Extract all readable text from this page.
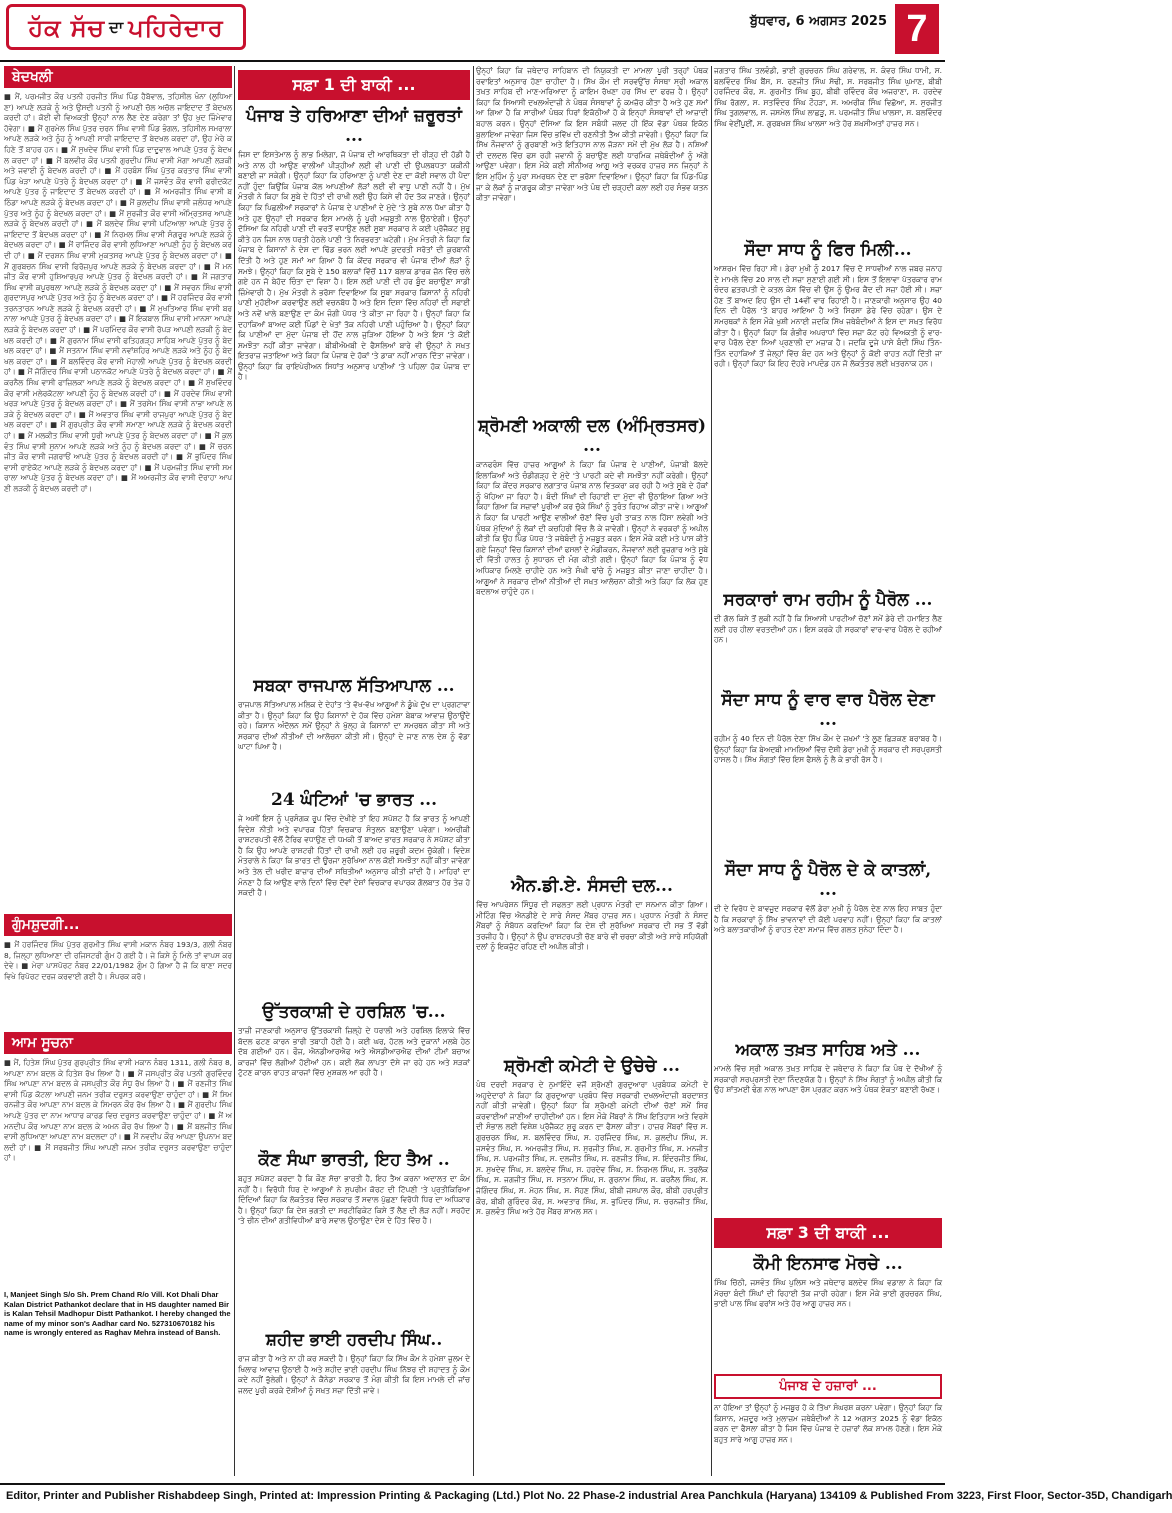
ਹੱਕ ਸੱਚ ਦਾ ਪਹਿਰੇਦਾਰ	ਬੁੱਧਵਾਰ, 6 ਅਗਸਤ 2025 7
ਬੇਦਖਲੀ
■ ਮੈਂ, ਪਰਮਜੀਤ ਕੌਰ ਪਤਨੀ ਹਰਜੀਤ ਸਿੰਘ ਪਿੰਡ ਹੈਬੋਵਾਲ, ਤਹਿਸੀਲ ਖੰਨਾ (ਲੁਧਿਆਣਾ) ਆਪਣੇ ਲੜਕੇ ਨੂੰ ਅਤੇ ਉਸਦੀ ਪਤਨੀ ਨੂੰ ਆਪਣੀ ਚੱਲ ਅਚੱਲ ਜਾਇਦਾਦ ਤੋਂ ਬੇਦਖਲ ਕਰਦੀ ਹਾਂ। ਕੋਈ ਵੀ ਵਿਅਕਤੀ ਉਨ੍ਹਾਂ ਨਾਲ ਲੈਣ ਦੇਣ ਕਰੇਗਾ ਤਾਂ ਉਹ ਖੁਦ ਜ਼ਿੰਮੇਵਾਰ ਹੋਵੇਗਾ। ■ ਮੈਂ ਗੁਰਮੇਲ ਸਿੰਘ ਪੁੱਤਰ ਚਰਨ ਸਿੰਘ ਵਾਸੀ ਪਿੰਡ ਭੰਗਲ, ਤਹਿਸੀਲ ਸਮਰਾਲਾ ਆਪਣੇ ਲੜਕੇ ਅਤੇ ਨੂੰਹ ਨੂੰ ਆਪਣੀ ਸਾਰੀ ਜਾਇਦਾਦ ਤੋਂ ਬੇਦਖਲ ਕਰਦਾ ਹਾਂ, ਉਹ ਮੇਰੇ ਕਹਿਣੇ ਤੋਂ ਬਾਹਰ ਹਨ। ■ ਮੈਂ ਸੁਖਦੇਵ ਸਿੰਘ ਵਾਸੀ ਪਿੰਡ ਦਾਦੂਵਾਲ ਆਪਣੇ ਪੁੱਤਰ ਨੂੰ ਬੇਦਖਲ ਕਰਦਾ ਹਾਂ। ■ ਮੈਂ ਬਲਵੀਰ ਕੌਰ ਪਤਨੀ ਗੁਰਦੀਪ ਸਿੰਘ ਵਾਸੀ ਮੋਗਾ ਆਪਣੀ ਲੜਕੀ ਅਤੇ ਜਵਾਈ ਨੂੰ ਬੇਦਖਲ ਕਰਦੀ ਹਾਂ। ■ ਮੈਂ ਹਰਬੰਸ ਸਿੰਘ ਪੁੱਤਰ ਕਰਤਾਰ ਸਿੰਘ ਵਾਸੀ ਪਿੰਡ ਖੇੜਾ ਆਪਣੇ ਪੋਤਰੇ ਨੂੰ ਬੇਦਖਲ ਕਰਦਾ ਹਾਂ। ■ ਮੈਂ ਜਸਵੰਤ ਕੌਰ ਵਾਸੀ ਫਰੀਦਕੋਟ ਆਪਣੇ ਪੁੱਤਰ ਨੂੰ ਜਾਇਦਾਦ ਤੋਂ ਬੇਦਖਲ ਕਰਦੀ ਹਾਂ। ■ ਮੈਂ ਅਮਰਜੀਤ ਸਿੰਘ ਵਾਸੀ ਬਠਿੰਡਾ ਆਪਣੇ ਲੜਕੇ ਨੂੰ ਬੇਦਖਲ ਕਰਦਾ ਹਾਂ। ■ ਮੈਂ ਕੁਲਦੀਪ ਸਿੰਘ ਵਾਸੀ ਜਲੰਧਰ ਆਪਣੇ ਪੁੱਤਰ ਅਤੇ ਨੂੰਹ ਨੂੰ ਬੇਦਖਲ ਕਰਦਾ ਹਾਂ। ■ ਮੈਂ ਸੁਰਜੀਤ ਕੌਰ ਵਾਸੀ ਅੰਮ੍ਰਿਤਸਰ ਆਪਣੇ ਲੜਕੇ ਨੂੰ ਬੇਦਖਲ ਕਰਦੀ ਹਾਂ। ■ ਮੈਂ ਬਲਦੇਵ ਸਿੰਘ ਵਾਸੀ ਪਟਿਆਲਾ ਆਪਣੇ ਪੁੱਤਰ ਨੂੰ ਜਾਇਦਾਦ ਤੋਂ ਬੇਦਖਲ ਕਰਦਾ ਹਾਂ। ■ ਮੈਂ ਨਿਰਮਲ ਸਿੰਘ ਵਾਸੀ ਸੰਗਰੂਰ ਆਪਣੇ ਲੜਕੇ ਨੂੰ ਬੇਦਖਲ ਕਰਦਾ ਹਾਂ। ■ ਮੈਂ ਰਾਜਿੰਦਰ ਕੌਰ ਵਾਸੀ ਲੁਧਿਆਣਾ ਆਪਣੀ ਨੂੰਹ ਨੂੰ ਬੇਦਖਲ ਕਰਦੀ ਹਾਂ। ■ ਮੈਂ ਦਰਸ਼ਨ ਸਿੰਘ ਵਾਸੀ ਮੁਕਤਸਰ ਆਪਣੇ ਪੁੱਤਰ ਨੂੰ ਬੇਦਖਲ ਕਰਦਾ ਹਾਂ। ■ ਮੈਂ ਗੁਰਬਚਨ ਸਿੰਘ ਵਾਸੀ ਫਿਰੋਜ਼ਪੁਰ ਆਪਣੇ ਲੜਕੇ ਨੂੰ ਬੇਦਖਲ ਕਰਦਾ ਹਾਂ। ■ ਮੈਂ ਮਨਜੀਤ ਕੌਰ ਵਾਸੀ ਹੁਸ਼ਿਆਰਪੁਰ ਆਪਣੇ ਪੁੱਤਰ ਨੂੰ ਬੇਦਖਲ ਕਰਦੀ ਹਾਂ। ■ ਮੈਂ ਜਗਤਾਰ ਸਿੰਘ ਵਾਸੀ ਕਪੂਰਥਲਾ ਆਪਣੇ ਲੜਕੇ ਨੂੰ ਬੇਦਖਲ ਕਰਦਾ ਹਾਂ। ■ ਮੈਂ ਸਵਰਨ ਸਿੰਘ ਵਾਸੀ ਗੁਰਦਾਸਪੁਰ ਆਪਣੇ ਪੁੱਤਰ ਅਤੇ ਨੂੰਹ ਨੂੰ ਬੇਦਖਲ ਕਰਦਾ ਹਾਂ। ■ ਮੈਂ ਹਰਜਿੰਦਰ ਕੌਰ ਵਾਸੀ ਤਰਨਤਾਰਨ ਆਪਣੇ ਲੜਕੇ ਨੂੰ ਬੇਦਖਲ ਕਰਦੀ ਹਾਂ। ■ ਮੈਂ ਮੁਖਤਿਆਰ ਸਿੰਘ ਵਾਸੀ ਬਰਨਾਲਾ ਆਪਣੇ ਪੁੱਤਰ ਨੂੰ ਬੇਦਖਲ ਕਰਦਾ ਹਾਂ। ■ ਮੈਂ ਇਕਬਾਲ ਸਿੰਘ ਵਾਸੀ ਮਾਨਸਾ ਆਪਣੇ ਲੜਕੇ ਨੂੰ ਬੇਦਖਲ ਕਰਦਾ ਹਾਂ। ■ ਮੈਂ ਪਰਮਿੰਦਰ ਕੌਰ ਵਾਸੀ ਰੋਪੜ ਆਪਣੀ ਲੜਕੀ ਨੂੰ ਬੇਦਖਲ ਕਰਦੀ ਹਾਂ। ■ ਮੈਂ ਗੁਰਨਾਮ ਸਿੰਘ ਵਾਸੀ ਫਤਿਹਗੜ੍ਹ ਸਾਹਿਬ ਆਪਣੇ ਪੁੱਤਰ ਨੂੰ ਬੇਦਖਲ ਕਰਦਾ ਹਾਂ। ■ ਮੈਂ ਸਤਨਾਮ ਸਿੰਘ ਵਾਸੀ ਨਵਾਂਸ਼ਹਿਰ ਆਪਣੇ ਲੜਕੇ ਅਤੇ ਨੂੰਹ ਨੂੰ ਬੇਦਖਲ ਕਰਦਾ ਹਾਂ। ■ ਮੈਂ ਬਲਵਿੰਦਰ ਕੌਰ ਵਾਸੀ ਮੋਹਾਲੀ ਆਪਣੇ ਪੁੱਤਰ ਨੂੰ ਬੇਦਖਲ ਕਰਦੀ ਹਾਂ। ■ ਮੈਂ ਜੋਗਿੰਦਰ ਸਿੰਘ ਵਾਸੀ ਪਠਾਨਕੋਟ ਆਪਣੇ ਪੋਤਰੇ ਨੂੰ ਬੇਦਖਲ ਕਰਦਾ ਹਾਂ। ■ ਮੈਂ ਕਰਨੈਲ ਸਿੰਘ ਵਾਸੀ ਫਾਜ਼ਿਲਕਾ ਆਪਣੇ ਲੜਕੇ ਨੂੰ ਬੇਦਖਲ ਕਰਦਾ ਹਾਂ। ■ ਮੈਂ ਸੁਖਵਿੰਦਰ ਕੌਰ ਵਾਸੀ ਮਲੇਰਕੋਟਲਾ ਆਪਣੀ ਨੂੰਹ ਨੂੰ ਬੇਦਖਲ ਕਰਦੀ ਹਾਂ। ■ ਮੈਂ ਹਰਦੇਵ ਸਿੰਘ ਵਾਸੀ ਖਰੜ ਆਪਣੇ ਪੁੱਤਰ ਨੂੰ ਬੇਦਖਲ ਕਰਦਾ ਹਾਂ। ■ ਮੈਂ ਤਰਸੇਮ ਸਿੰਘ ਵਾਸੀ ਨਾਭਾ ਆਪਣੇ ਲੜਕੇ ਨੂੰ ਬੇਦਖਲ ਕਰਦਾ ਹਾਂ। ■ ਮੈਂ ਅਵਤਾਰ ਸਿੰਘ ਵਾਸੀ ਰਾਜਪੁਰਾ ਆਪਣੇ ਪੁੱਤਰ ਨੂੰ ਬੇਦਖਲ ਕਰਦਾ ਹਾਂ। ■ ਮੈਂ ਗੁਰਪ੍ਰੀਤ ਕੌਰ ਵਾਸੀ ਸਮਾਣਾ ਆਪਣੇ ਲੜਕੇ ਨੂੰ ਬੇਦਖਲ ਕਰਦੀ ਹਾਂ। ■ ਮੈਂ ਮਲਕੀਤ ਸਿੰਘ ਵਾਸੀ ਧੂਰੀ ਆਪਣੇ ਪੁੱਤਰ ਨੂੰ ਬੇਦਖਲ ਕਰਦਾ ਹਾਂ। ■ ਮੈਂ ਕੁਲਵੰਤ ਸਿੰਘ ਵਾਸੀ ਸੁਨਾਮ ਆਪਣੇ ਲੜਕੇ ਅਤੇ ਨੂੰਹ ਨੂੰ ਬੇਦਖਲ ਕਰਦਾ ਹਾਂ। ■ ਮੈਂ ਚਰਨਜੀਤ ਕੌਰ ਵਾਸੀ ਜਗਰਾਓਂ ਆਪਣੇ ਪੁੱਤਰ ਨੂੰ ਬੇਦਖਲ ਕਰਦੀ ਹਾਂ। ■ ਮੈਂ ਭੁਪਿੰਦਰ ਸਿੰਘ ਵਾਸੀ ਰਾਏਕੋਟ ਆਪਣੇ ਲੜਕੇ ਨੂੰ ਬੇਦਖਲ ਕਰਦਾ ਹਾਂ। ■ ਮੈਂ ਪਰਮਜੀਤ ਸਿੰਘ ਵਾਸੀ ਸਮਰਾਲਾ ਆਪਣੇ ਪੁੱਤਰ ਨੂੰ ਬੇਦਖਲ ਕਰਦਾ ਹਾਂ। ■ ਮੈਂ ਅਮਰਜੀਤ ਕੌਰ ਵਾਸੀ ਦੋਰਾਹਾ ਆਪਣੀ ਲੜਕੀ ਨੂੰ ਬੇਦਖਲ ਕਰਦੀ ਹਾਂ।
ਗੁੰਮਸ਼ੁਦਗੀ...
■ ਮੈਂ ਹਰਜਿੰਦਰ ਸਿੰਘ ਪੁੱਤਰ ਗੁਰਮੀਤ ਸਿੰਘ ਵਾਸੀ ਮਕਾਨ ਨੰਬਰ 193/3, ਗਲੀ ਨੰਬਰ 8, ਜਿਲ੍ਹਾ ਲੁਧਿਆਣਾ ਦੀ ਰਜਿਸਟਰੀ ਗੁੰਮ ਹੋ ਗਈ ਹੈ। ਜੇ ਕਿਸੇ ਨੂੰ ਮਿਲੇ ਤਾਂ ਵਾਪਸ ਕਰ ਦੇਵੇ। ■ ਮੇਰਾ ਪਾਸਪੋਰਟ ਨੰਬਰ 22/01/1982 ਗੁੰਮ ਹੋ ਗਿਆ ਹੈ ਜੋ ਕਿ ਥਾਣਾ ਸਦਰ ਵਿਖੇ ਰਿਪੋਰਟ ਦਰਜ ਕਰਵਾਈ ਗਈ ਹੈ। ਸੰਪਰਕ ਕਰੋ।
ਆਮ ਸੂਚਨਾ
■ ਮੈਂ, ਹਿਤੇਸ਼ ਸਿੰਘ ਪੁੱਤਰ ਗੁਰਪ੍ਰੀਤ ਸਿੰਘ ਵਾਸੀ ਮਕਾਨ ਨੰਬਰ 1311, ਗਲੀ ਨੰਬਰ 8, ਆਪਣਾ ਨਾਮ ਬਦਲ ਕੇ ਹਿਤੇਸ਼ ਰੱਖ ਲਿਆ ਹੈ। ■ ਮੈਂ ਜਸਪ੍ਰੀਤ ਕੌਰ ਪਤਨੀ ਗੁਰਵਿੰਦਰ ਸਿੰਘ ਆਪਣਾ ਨਾਮ ਬਦਲ ਕੇ ਜਸਪ੍ਰੀਤ ਕੌਰ ਸੰਧੂ ਰੱਖ ਲਿਆ ਹੈ। ■ ਮੈਂ ਰਣਜੀਤ ਸਿੰਘ ਵਾਸੀ ਪਿੰਡ ਕੋਟਲਾ ਆਪਣੀ ਜਨਮ ਤਰੀਕ ਦਰੁਸਤ ਕਰਵਾਉਣਾ ਚਾਹੁੰਦਾ ਹਾਂ। ■ ਮੈਂ ਸਿਮਰਨਜੀਤ ਕੌਰ ਆਪਣਾ ਨਾਮ ਬਦਲ ਕੇ ਸਿਮਰਨ ਕੌਰ ਰੱਖ ਲਿਆ ਹੈ। ■ ਮੈਂ ਗੁਰਦੀਪ ਸਿੰਘ ਆਪਣੇ ਪੁੱਤਰ ਦਾ ਨਾਮ ਆਧਾਰ ਕਾਰਡ ਵਿਚ ਦਰੁਸਤ ਕਰਵਾਉਣਾ ਚਾਹੁੰਦਾ ਹਾਂ। ■ ਮੈਂ ਅਮਨਦੀਪ ਕੌਰ ਆਪਣਾ ਨਾਮ ਬਦਲ ਕੇ ਅਮਨ ਕੌਰ ਰੱਖ ਲਿਆ ਹੈ। ■ ਮੈਂ ਬਲਜੀਤ ਸਿੰਘ ਵਾਸੀ ਲੁਧਿਆਣਾ ਆਪਣਾ ਨਾਮ ਬਦਲਦਾ ਹਾਂ। ■ ਮੈਂ ਨਵਦੀਪ ਕੌਰ ਆਪਣਾ ਉਪਨਾਮ ਬਦਲਦੀ ਹਾਂ। ■ ਮੈਂ ਸਰਬਜੀਤ ਸਿੰਘ ਆਪਣੀ ਜਨਮ ਤਰੀਕ ਦਰੁਸਤ ਕਰਵਾਉਣਾ ਚਾਹੁੰਦਾ ਹਾਂ।
I, Manjeet Singh S/o Sh. Prem Chand R/o Vill. Kot Dhali Dhar Kalan District Pathankot declare that in HS daughter named Bir is Kalan Tehsil Madhopur Distt Pathankot. I hereby changed the name of my minor son's Aadhar card No. 527310670182 his name is wrongly entered as Raghav Mehra instead of Bansh.
ਸਫ਼ਾ 1 ਦੀ ਬਾਕੀ ...
ਪੰਜਾਬ ਤੇ ਹਰਿਆਣਾ ਦੀਆਂ ਜ਼ਰੂਰਤਾਂ ...
ਜਿਸ ਦਾ ਇਸਤੇਮਾਲ ਨੂੰ ਲਾਭ ਮਿਲੇਗਾ, ਜੋ ਪੰਜਾਬ ਦੀ ਆਰਥਿਕਤਾ ਦੀ ਰੀੜ੍ਹ ਦੀ ਹੱਡੀ ਹੈ ਅਤੇ ਨਾਲ ਹੀ ਆਉਣ ਵਾਲੀਆਂ ਪੀੜ੍ਹੀਆਂ ਲਈ ਵੀ ਪਾਣੀ ਦੀ ਉਪਲਬਧਤਾ ਯਕੀਨੀ ਬਣਾਈ ਜਾ ਸਕੇਗੀ। ਉਨ੍ਹਾਂ ਕਿਹਾ ਕਿ ਹਰਿਆਣਾ ਨੂੰ ਪਾਣੀ ਦੇਣ ਦਾ ਕੋਈ ਸਵਾਲ ਹੀ ਪੈਦਾ ਨਹੀਂ ਹੁੰਦਾ ਕਿਉਂਕਿ ਪੰਜਾਬ ਕੋਲ ਆਪਣੀਆਂ ਲੋੜਾਂ ਲਈ ਵੀ ਵਾਧੂ ਪਾਣੀ ਨਹੀਂ ਹੈ। ਮੁੱਖ ਮੰਤਰੀ ਨੇ ਕਿਹਾ ਕਿ ਸੂਬੇ ਦੇ ਹਿੱਤਾਂ ਦੀ ਰਾਖੀ ਲਈ ਉਹ ਕਿਸੇ ਵੀ ਹੱਦ ਤੱਕ ਜਾਣਗੇ। ਉਨ੍ਹਾਂ ਕਿਹਾ ਕਿ ਪਿਛਲੀਆਂ ਸਰਕਾਰਾਂ ਨੇ ਪੰਜਾਬ ਦੇ ਪਾਣੀਆਂ ਦੇ ਮੁੱਦੇ 'ਤੇ ਸੂਬੇ ਨਾਲ ਧੋਖਾ ਕੀਤਾ ਹੈ ਅਤੇ ਹੁਣ ਉਨ੍ਹਾਂ ਦੀ ਸਰਕਾਰ ਇਸ ਮਾਮਲੇ ਨੂੰ ਪੂਰੀ ਮਜ਼ਬੂਤੀ ਨਾਲ ਉਠਾਏਗੀ। ਉਨ੍ਹਾਂ ਦੱਸਿਆ ਕਿ ਨਹਿਰੀ ਪਾਣੀ ਦੀ ਵਰਤੋਂ ਵਧਾਉਣ ਲਈ ਸੂਬਾ ਸਰਕਾਰ ਨੇ ਕਈ ਪ੍ਰੋਜੈਕਟ ਸ਼ੁਰੂ ਕੀਤੇ ਹਨ ਜਿਸ ਨਾਲ ਧਰਤੀ ਹੇਠਲੇ ਪਾਣੀ 'ਤੇ ਨਿਰਭਰਤਾ ਘਟੇਗੀ। ਮੁੱਖ ਮੰਤਰੀ ਨੇ ਕਿਹਾ ਕਿ ਪੰਜਾਬ ਦੇ ਕਿਸਾਨਾਂ ਨੇ ਦੇਸ਼ ਦਾ ਢਿੱਡ ਭਰਨ ਲਈ ਆਪਣੇ ਕੁਦਰਤੀ ਸਰੋਤਾਂ ਦੀ ਕੁਰਬਾਨੀ ਦਿੱਤੀ ਹੈ ਅਤੇ ਹੁਣ ਸਮਾਂ ਆ ਗਿਆ ਹੈ ਕਿ ਕੇਂਦਰ ਸਰਕਾਰ ਵੀ ਪੰਜਾਬ ਦੀਆਂ ਲੋੜਾਂ ਨੂੰ ਸਮਝੇ। ਉਨ੍ਹਾਂ ਕਿਹਾ ਕਿ ਸੂਬੇ ਦੇ 150 ਬਲਾਕਾਂ ਵਿੱਚੋਂ 117 ਬਲਾਕ ਡਾਰਕ ਜ਼ੋਨ ਵਿੱਚ ਚਲੇ ਗਏ ਹਨ ਜੋ ਬੇਹੱਦ ਚਿੰਤਾ ਦਾ ਵਿਸ਼ਾ ਹੈ। ਇਸ ਲਈ ਪਾਣੀ ਦੀ ਹਰ ਬੂੰਦ ਬਚਾਉਣਾ ਸਾਡੀ ਜ਼ਿੰਮੇਵਾਰੀ ਹੈ। ਮੁੱਖ ਮੰਤਰੀ ਨੇ ਭਰੋਸਾ ਦਿਵਾਇਆ ਕਿ ਸੂਬਾ ਸਰਕਾਰ ਕਿਸਾਨਾਂ ਨੂੰ ਨਹਿਰੀ ਪਾਣੀ ਮੁਹੱਈਆ ਕਰਵਾਉਣ ਲਈ ਵਚਨਬੱਧ ਹੈ ਅਤੇ ਇਸ ਦਿਸ਼ਾ ਵਿੱਚ ਨਹਿਰਾਂ ਦੀ ਸਫਾਈ ਅਤੇ ਨਵੇਂ ਖਾਲੇ ਬਣਾਉਣ ਦਾ ਕੰਮ ਜੰਗੀ ਪੱਧਰ 'ਤੇ ਕੀਤਾ ਜਾ ਰਿਹਾ ਹੈ। ਉਨ੍ਹਾਂ ਕਿਹਾ ਕਿ ਦਹਾਕਿਆਂ ਬਾਅਦ ਕਈ ਪਿੰਡਾਂ ਦੇ ਖੇਤਾਂ ਤੱਕ ਨਹਿਰੀ ਪਾਣੀ ਪਹੁੰਚਿਆ ਹੈ। ਉਨ੍ਹਾਂ ਕਿਹਾ ਕਿ ਪਾਣੀਆਂ ਦਾ ਮੁੱਦਾ ਪੰਜਾਬ ਦੀ ਹੋਂਦ ਨਾਲ ਜੁੜਿਆ ਹੋਇਆ ਹੈ ਅਤੇ ਇਸ 'ਤੇ ਕੋਈ ਸਮਝੌਤਾ ਨਹੀਂ ਕੀਤਾ ਜਾਵੇਗਾ। ਬੀਬੀਐਮਬੀ ਦੇ ਫੈਸਲਿਆਂ ਬਾਰੇ ਵੀ ਉਨ੍ਹਾਂ ਨੇ ਸਖ਼ਤ ਇਤਰਾਜ਼ ਜਤਾਇਆ ਅਤੇ ਕਿਹਾ ਕਿ ਪੰਜਾਬ ਦੇ ਹੱਕਾਂ 'ਤੇ ਡਾਕਾ ਨਹੀਂ ਮਾਰਨ ਦਿੱਤਾ ਜਾਵੇਗਾ। ਉਨ੍ਹਾਂ ਕਿਹਾ ਕਿ ਰਾਇਪੇਰੀਅਨ ਸਿਧਾਂਤ ਅਨੁਸਾਰ ਪਾਣੀਆਂ 'ਤੇ ਪਹਿਲਾ ਹੱਕ ਪੰਜਾਬ ਦਾ ਹੈ।
ਸਬਕਾ ਰਾਜਪਾਲ ਸੱਤਿਆਪਾਲ ...
ਰਾਜਪਾਲ ਸੱਤਿਆਪਾਲ ਮਲਿਕ ਦੇ ਦੇਹਾਂਤ 'ਤੇ ਵੱਖ-ਵੱਖ ਆਗੂਆਂ ਨੇ ਡੂੰਘੇ ਦੁੱਖ ਦਾ ਪ੍ਰਗਟਾਵਾ ਕੀਤਾ ਹੈ। ਉਨ੍ਹਾਂ ਕਿਹਾ ਕਿ ਉਹ ਕਿਸਾਨਾਂ ਦੇ ਹੱਕ ਵਿੱਚ ਹਮੇਸ਼ਾ ਬੇਬਾਕ ਆਵਾਜ਼ ਉਠਾਉਂਦੇ ਰਹੇ। ਕਿਸਾਨ ਅੰਦੋਲਨ ਸਮੇਂ ਉਨ੍ਹਾਂ ਨੇ ਖੁੱਲ੍ਹ ਕੇ ਕਿਸਾਨਾਂ ਦਾ ਸਮਰਥਨ ਕੀਤਾ ਸੀ ਅਤੇ ਸਰਕਾਰ ਦੀਆਂ ਨੀਤੀਆਂ ਦੀ ਆਲੋਚਨਾ ਕੀਤੀ ਸੀ। ਉਨ੍ਹਾਂ ਦੇ ਜਾਣ ਨਾਲ ਦੇਸ਼ ਨੂੰ ਵੱਡਾ ਘਾਟਾ ਪਿਆ ਹੈ।
24 ਘੰਟਿਆਂ 'ਚ ਭਾਰਤ ...
ਜੇ ਅਸੀਂ ਇਸ ਨੂੰ ਪ੍ਰਸੰਗਕ ਰੂਪ ਵਿੱਚ ਦੇਖੀਏ ਤਾਂ ਇਹ ਸਪੱਸ਼ਟ ਹੈ ਕਿ ਭਾਰਤ ਨੂੰ ਆਪਣੀ ਵਿਦੇਸ਼ ਨੀਤੀ ਅਤੇ ਵਪਾਰਕ ਹਿੱਤਾਂ ਵਿਚਕਾਰ ਸੰਤੁਲਨ ਬਣਾਉਣਾ ਪਵੇਗਾ। ਅਮਰੀਕੀ ਰਾਸ਼ਟਰਪਤੀ ਵੱਲੋਂ ਟੈਰਿਫ ਵਧਾਉਣ ਦੀ ਧਮਕੀ ਤੋਂ ਬਾਅਦ ਭਾਰਤ ਸਰਕਾਰ ਨੇ ਸਪੱਸ਼ਟ ਕੀਤਾ ਹੈ ਕਿ ਉਹ ਆਪਣੇ ਰਾਸ਼ਟਰੀ ਹਿੱਤਾਂ ਦੀ ਰਾਖੀ ਲਈ ਹਰ ਜ਼ਰੂਰੀ ਕਦਮ ਚੁੱਕੇਗੀ। ਵਿਦੇਸ਼ ਮੰਤਰਾਲੇ ਨੇ ਕਿਹਾ ਕਿ ਭਾਰਤ ਦੀ ਊਰਜਾ ਸੁਰੱਖਿਆ ਨਾਲ ਕੋਈ ਸਮਝੌਤਾ ਨਹੀਂ ਕੀਤਾ ਜਾਵੇਗਾ ਅਤੇ ਤੇਲ ਦੀ ਖਰੀਦ ਬਾਜ਼ਾਰ ਦੀਆਂ ਸਥਿਤੀਆਂ ਅਨੁਸਾਰ ਕੀਤੀ ਜਾਂਦੀ ਹੈ। ਮਾਹਿਰਾਂ ਦਾ ਮੰਨਣਾ ਹੈ ਕਿ ਆਉਣ ਵਾਲੇ ਦਿਨਾਂ ਵਿੱਚ ਦੋਵਾਂ ਦੇਸ਼ਾਂ ਵਿਚਕਾਰ ਵਪਾਰਕ ਗੱਲਬਾਤ ਹੋਰ ਤੇਜ਼ ਹੋ ਸਕਦੀ ਹੈ।
ਉੱਤਰਕਾਸ਼ੀ ਦੇ ਹਰਸ਼ਿਲ 'ਚ...
ਤਾਜ਼ੀ ਜਾਣਕਾਰੀ ਅਨੁਸਾਰ ਉੱਤਰਕਾਸ਼ੀ ਜ਼ਿਲ੍ਹੇ ਦੇ ਧਰਾਲੀ ਅਤੇ ਹਰਸ਼ਿਲ ਇਲਾਕੇ ਵਿੱਚ ਬੱਦਲ ਫਟਣ ਕਾਰਨ ਭਾਰੀ ਤਬਾਹੀ ਹੋਈ ਹੈ। ਕਈ ਘਰ, ਹੋਟਲ ਅਤੇ ਦੁਕਾਨਾਂ ਮਲਬੇ ਹੇਠ ਦੱਬ ਗਈਆਂ ਹਨ। ਫੌਜ, ਐਨਡੀਆਰਐਫ ਅਤੇ ਐਸਡੀਆਰਐਫ ਦੀਆਂ ਟੀਮਾਂ ਬਚਾਅ ਕਾਰਜਾਂ ਵਿੱਚ ਲੱਗੀਆਂ ਹੋਈਆਂ ਹਨ। ਕਈ ਲੋਕ ਲਾਪਤਾ ਦੱਸੇ ਜਾ ਰਹੇ ਹਨ ਅਤੇ ਸੜਕਾਂ ਟੁੱਟਣ ਕਾਰਨ ਰਾਹਤ ਕਾਰਜਾਂ ਵਿੱਚ ਮੁਸ਼ਕਲ ਆ ਰਹੀ ਹੈ।
ਕੌਣ ਸੰਘਾ ਭਾਰਤੀ, ਇਹ ਤੈਅ ..
ਬਹੁਤ ਸਪੱਸ਼ਟ ਕਰਦਾ ਹੈ ਕਿ ਕੌਣ ਸੱਚਾ ਭਾਰਤੀ ਹੈ, ਇਹ ਤੈਅ ਕਰਨਾ ਅਦਾਲਤ ਦਾ ਕੰਮ ਨਹੀਂ ਹੈ। ਵਿਰੋਧੀ ਧਿਰ ਦੇ ਆਗੂਆਂ ਨੇ ਸੁਪਰੀਮ ਕੋਰਟ ਦੀ ਟਿੱਪਣੀ 'ਤੇ ਪ੍ਰਤੀਕਿਰਿਆ ਦਿੰਦਿਆਂ ਕਿਹਾ ਕਿ ਲੋਕਤੰਤਰ ਵਿੱਚ ਸਰਕਾਰ ਤੋਂ ਸਵਾਲ ਪੁੱਛਣਾ ਵਿਰੋਧੀ ਧਿਰ ਦਾ ਅਧਿਕਾਰ ਹੈ। ਉਨ੍ਹਾਂ ਕਿਹਾ ਕਿ ਦੇਸ਼ ਭਗਤੀ ਦਾ ਸਰਟੀਫਿਕੇਟ ਕਿਸੇ ਤੋਂ ਲੈਣ ਦੀ ਲੋੜ ਨਹੀਂ। ਸਰਹੱਦ 'ਤੇ ਚੀਨ ਦੀਆਂ ਗਤੀਵਿਧੀਆਂ ਬਾਰੇ ਸਵਾਲ ਉਠਾਉਣਾ ਦੇਸ਼ ਦੇ ਹਿੱਤ ਵਿੱਚ ਹੈ।
ਸ਼ਹੀਦ ਭਾਈ ਹਰਦੀਪ ਸਿੰਘ..
ਰਾਜ ਕੀਤਾ ਹੈ ਅਤੇ ਨਾ ਹੀ ਕਰ ਸਕਦੀ ਹੈ। ਉਨ੍ਹਾਂ ਕਿਹਾ ਕਿ ਸਿੱਖ ਕੌਮ ਨੇ ਹਮੇਸ਼ਾ ਜ਼ੁਲਮ ਦੇ ਖਿਲਾਫ ਆਵਾਜ਼ ਉਠਾਈ ਹੈ ਅਤੇ ਸ਼ਹੀਦ ਭਾਈ ਹਰਦੀਪ ਸਿੰਘ ਨਿੱਝਰ ਦੀ ਸ਼ਹਾਦਤ ਨੂੰ ਕੌਮ ਕਦੇ ਨਹੀਂ ਭੁੱਲੇਗੀ। ਉਨ੍ਹਾਂ ਨੇ ਕੈਨੇਡਾ ਸਰਕਾਰ ਤੋਂ ਮੰਗ ਕੀਤੀ ਕਿ ਇਸ ਮਾਮਲੇ ਦੀ ਜਾਂਚ ਜਲਦ ਪੂਰੀ ਕਰਕੇ ਦੋਸ਼ੀਆਂ ਨੂੰ ਸਖ਼ਤ ਸਜ਼ਾ ਦਿੱਤੀ ਜਾਵੇ।
ਉਨ੍ਹਾਂ ਕਿਹਾ ਕਿ ਜਥੇਦਾਰ ਸਾਹਿਬਾਨ ਦੀ ਨਿਯੁਕਤੀ ਦਾ ਮਾਮਲਾ ਪੂਰੀ ਤਰ੍ਹਾਂ ਪੰਥਕ ਰਵਾਇਤਾਂ ਅਨੁਸਾਰ ਹੋਣਾ ਚਾਹੀਦਾ ਹੈ। ਸਿੱਖ ਕੌਮ ਦੀ ਸਰਵਉੱਚ ਸੰਸਥਾ ਸ੍ਰੀ ਅਕਾਲ ਤਖ਼ਤ ਸਾਹਿਬ ਦੀ ਮਾਣ-ਮਰਿਆਦਾ ਨੂੰ ਕਾਇਮ ਰੱਖਣਾ ਹਰ ਸਿੱਖ ਦਾ ਫਰਜ਼ ਹੈ। ਉਨ੍ਹਾਂ ਕਿਹਾ ਕਿ ਸਿਆਸੀ ਦਖਲਅੰਦਾਜ਼ੀ ਨੇ ਪੰਥਕ ਸੰਸਥਾਵਾਂ ਨੂੰ ਕਮਜ਼ੋਰ ਕੀਤਾ ਹੈ ਅਤੇ ਹੁਣ ਸਮਾਂ ਆ ਗਿਆ ਹੈ ਕਿ ਸਾਰੀਆਂ ਪੰਥਕ ਧਿਰਾਂ ਇਕੱਠੀਆਂ ਹੋ ਕੇ ਇਨ੍ਹਾਂ ਸੰਸਥਾਵਾਂ ਦੀ ਆਜ਼ਾਦੀ ਬਹਾਲ ਕਰਨ। ਉਨ੍ਹਾਂ ਦੱਸਿਆ ਕਿ ਇਸ ਸਬੰਧੀ ਜਲਦ ਹੀ ਇੱਕ ਵੱਡਾ ਪੰਥਕ ਇਕੱਠ ਬੁਲਾਇਆ ਜਾਵੇਗਾ ਜਿਸ ਵਿੱਚ ਭਵਿੱਖ ਦੀ ਰਣਨੀਤੀ ਤੈਅ ਕੀਤੀ ਜਾਵੇਗੀ। ਉਨ੍ਹਾਂ ਕਿਹਾ ਕਿ ਸਿੱਖ ਨੌਜਵਾਨਾਂ ਨੂੰ ਗੁਰਬਾਣੀ ਅਤੇ ਇਤਿਹਾਸ ਨਾਲ ਜੋੜਨਾ ਸਮੇਂ ਦੀ ਮੁੱਖ ਲੋੜ ਹੈ। ਨਸ਼ਿਆਂ ਦੀ ਦਲਦਲ ਵਿੱਚ ਫਸ ਰਹੀ ਜਵਾਨੀ ਨੂੰ ਬਚਾਉਣ ਲਈ ਧਾਰਮਿਕ ਜਥੇਬੰਦੀਆਂ ਨੂੰ ਅੱਗੇ ਆਉਣਾ ਪਵੇਗਾ। ਇਸ ਮੌਕੇ ਕਈ ਸੀਨੀਅਰ ਆਗੂ ਅਤੇ ਵਰਕਰ ਹਾਜ਼ਰ ਸਨ ਜਿਨ੍ਹਾਂ ਨੇ ਇਸ ਮੁਹਿੰਮ ਨੂੰ ਪੂਰਾ ਸਮਰਥਨ ਦੇਣ ਦਾ ਭਰੋਸਾ ਦਿਵਾਇਆ। ਉਨ੍ਹਾਂ ਕਿਹਾ ਕਿ ਪਿੰਡ-ਪਿੰਡ ਜਾ ਕੇ ਲੋਕਾਂ ਨੂੰ ਜਾਗਰੂਕ ਕੀਤਾ ਜਾਵੇਗਾ ਅਤੇ ਪੰਥ ਦੀ ਚੜ੍ਹਦੀ ਕਲਾ ਲਈ ਹਰ ਸੰਭਵ ਯਤਨ ਕੀਤਾ ਜਾਵੇਗਾ।
ਸ਼੍ਰੋਮਣੀ ਅਕਾਲੀ ਦਲ (ਅੰਮ੍ਰਿਤਸਰ) ...
ਕਾਨਫਰੰਸ ਵਿੱਚ ਹਾਜ਼ਰ ਆਗੂਆਂ ਨੇ ਕਿਹਾ ਕਿ ਪੰਜਾਬ ਦੇ ਪਾਣੀਆਂ, ਪੰਜਾਬੀ ਬੋਲਦੇ ਇਲਾਕਿਆਂ ਅਤੇ ਚੰਡੀਗੜ੍ਹ ਦੇ ਮੁੱਦੇ 'ਤੇ ਪਾਰਟੀ ਕਦੇ ਵੀ ਸਮਝੌਤਾ ਨਹੀਂ ਕਰੇਗੀ। ਉਨ੍ਹਾਂ ਕਿਹਾ ਕਿ ਕੇਂਦਰ ਸਰਕਾਰ ਲਗਾਤਾਰ ਪੰਜਾਬ ਨਾਲ ਵਿਤਕਰਾ ਕਰ ਰਹੀ ਹੈ ਅਤੇ ਸੂਬੇ ਦੇ ਹੱਕਾਂ ਨੂੰ ਖੋਹਿਆ ਜਾ ਰਿਹਾ ਹੈ। ਬੰਦੀ ਸਿੰਘਾਂ ਦੀ ਰਿਹਾਈ ਦਾ ਮੁੱਦਾ ਵੀ ਉਠਾਇਆ ਗਿਆ ਅਤੇ ਕਿਹਾ ਗਿਆ ਕਿ ਸਜ਼ਾਵਾਂ ਪੂਰੀਆਂ ਕਰ ਚੁੱਕੇ ਸਿੰਘਾਂ ਨੂੰ ਤੁਰੰਤ ਰਿਹਾਅ ਕੀਤਾ ਜਾਵੇ। ਆਗੂਆਂ ਨੇ ਕਿਹਾ ਕਿ ਪਾਰਟੀ ਆਉਣ ਵਾਲੀਆਂ ਚੋਣਾਂ ਵਿੱਚ ਪੂਰੀ ਤਾਕਤ ਨਾਲ ਹਿੱਸਾ ਲਵੇਗੀ ਅਤੇ ਪੰਥਕ ਮੁੱਦਿਆਂ ਨੂੰ ਲੋਕਾਂ ਦੀ ਕਚਹਿਰੀ ਵਿੱਚ ਲੈ ਕੇ ਜਾਵੇਗੀ। ਉਨ੍ਹਾਂ ਨੇ ਵਰਕਰਾਂ ਨੂੰ ਅਪੀਲ ਕੀਤੀ ਕਿ ਉਹ ਪਿੰਡ ਪੱਧਰ 'ਤੇ ਜਥੇਬੰਦੀ ਨੂੰ ਮਜ਼ਬੂਤ ਕਰਨ। ਇਸ ਮੌਕੇ ਕਈ ਮਤੇ ਪਾਸ ਕੀਤੇ ਗਏ ਜਿਨ੍ਹਾਂ ਵਿੱਚ ਕਿਸਾਨਾਂ ਦੀਆਂ ਫਸਲਾਂ ਦੇ ਮੰਡੀਕਰਨ, ਨੌਜਵਾਨਾਂ ਲਈ ਰੁਜ਼ਗਾਰ ਅਤੇ ਸੂਬੇ ਦੀ ਵਿੱਤੀ ਹਾਲਤ ਨੂੰ ਸੁਧਾਰਨ ਦੀ ਮੰਗ ਕੀਤੀ ਗਈ। ਉਨ੍ਹਾਂ ਕਿਹਾ ਕਿ ਪੰਜਾਬ ਨੂੰ ਵੱਧ ਅਧਿਕਾਰ ਮਿਲਣੇ ਚਾਹੀਦੇ ਹਨ ਅਤੇ ਸੰਘੀ ਢਾਂਚੇ ਨੂੰ ਮਜ਼ਬੂਤ ਕੀਤਾ ਜਾਣਾ ਚਾਹੀਦਾ ਹੈ। ਆਗੂਆਂ ਨੇ ਸਰਕਾਰ ਦੀਆਂ ਨੀਤੀਆਂ ਦੀ ਸਖ਼ਤ ਆਲੋਚਨਾ ਕੀਤੀ ਅਤੇ ਕਿਹਾ ਕਿ ਲੋਕ ਹੁਣ ਬਦਲਾਅ ਚਾਹੁੰਦੇ ਹਨ।
ਐਨ.ਡੀ.ਏ. ਸੰਸਦੀ ਦਲ...
ਵਿੱਚ ਆਪਰੇਸ਼ਨ ਸਿੰਧੂਰ ਦੀ ਸਫਲਤਾ ਲਈ ਪ੍ਰਧਾਨ ਮੰਤਰੀ ਦਾ ਸਨਮਾਨ ਕੀਤਾ ਗਿਆ। ਮੀਟਿੰਗ ਵਿੱਚ ਐਨਡੀਏ ਦੇ ਸਾਰੇ ਸੰਸਦ ਮੈਂਬਰ ਹਾਜ਼ਰ ਸਨ। ਪ੍ਰਧਾਨ ਮੰਤਰੀ ਨੇ ਸੰਸਦ ਮੈਂਬਰਾਂ ਨੂੰ ਸੰਬੋਧਨ ਕਰਦਿਆਂ ਕਿਹਾ ਕਿ ਦੇਸ਼ ਦੀ ਸੁਰੱਖਿਆ ਸਰਕਾਰ ਦੀ ਸਭ ਤੋਂ ਵੱਡੀ ਤਰਜੀਹ ਹੈ। ਉਨ੍ਹਾਂ ਨੇ ਉਪ ਰਾਸ਼ਟਰਪਤੀ ਚੋਣ ਬਾਰੇ ਵੀ ਚਰਚਾ ਕੀਤੀ ਅਤੇ ਸਾਰੇ ਸਹਿਯੋਗੀ ਦਲਾਂ ਨੂੰ ਇਕਜੁੱਟ ਰਹਿਣ ਦੀ ਅਪੀਲ ਕੀਤੀ।
ਸ਼੍ਰੋਮਣੀ ਕਮੇਟੀ ਦੇ ਉਚੇਚੇ ...
ਪੰਥ ਦਰਦੀ ਸਰਕਾਰ ਦੇ ਨੁਮਾਇੰਦੇ ਵਜੋਂ ਸ਼੍ਰੋਮਣੀ ਗੁਰਦੁਆਰਾ ਪ੍ਰਬੰਧਕ ਕਮੇਟੀ ਦੇ ਅਹੁਦੇਦਾਰਾਂ ਨੇ ਕਿਹਾ ਕਿ ਗੁਰਦੁਆਰਾ ਪ੍ਰਬੰਧ ਵਿੱਚ ਸਰਕਾਰੀ ਦਖਲਅੰਦਾਜ਼ੀ ਬਰਦਾਸ਼ਤ ਨਹੀਂ ਕੀਤੀ ਜਾਵੇਗੀ। ਉਨ੍ਹਾਂ ਕਿਹਾ ਕਿ ਸ਼੍ਰੋਮਣੀ ਕਮੇਟੀ ਦੀਆਂ ਚੋਣਾਂ ਸਮੇਂ ਸਿਰ ਕਰਵਾਈਆਂ ਜਾਣੀਆਂ ਚਾਹੀਦੀਆਂ ਹਨ। ਇਸ ਮੌਕੇ ਮੈਂਬਰਾਂ ਨੇ ਸਿੱਖ ਇਤਿਹਾਸ ਅਤੇ ਵਿਰਸੇ ਦੀ ਸੰਭਾਲ ਲਈ ਵਿਸ਼ੇਸ਼ ਪ੍ਰੋਜੈਕਟ ਸ਼ੁਰੂ ਕਰਨ ਦਾ ਫੈਸਲਾ ਕੀਤਾ। ਹਾਜ਼ਰ ਮੈਂਬਰਾਂ ਵਿੱਚ ਸ. ਗੁਰਚਰਨ ਸਿੰਘ, ਸ. ਬਲਵਿੰਦਰ ਸਿੰਘ, ਸ. ਹਰਜਿੰਦਰ ਸਿੰਘ, ਸ. ਕੁਲਦੀਪ ਸਿੰਘ, ਸ. ਜਸਵੰਤ ਸਿੰਘ, ਸ. ਅਮਰਜੀਤ ਸਿੰਘ, ਸ. ਸੁਰਜੀਤ ਸਿੰਘ, ਸ. ਗੁਰਮੀਤ ਸਿੰਘ, ਸ. ਮਨਜੀਤ ਸਿੰਘ, ਸ. ਪਰਮਜੀਤ ਸਿੰਘ, ਸ. ਦਲਜੀਤ ਸਿੰਘ, ਸ. ਰਣਜੀਤ ਸਿੰਘ, ਸ. ਇੰਦਰਜੀਤ ਸਿੰਘ, ਸ. ਸੁਖਦੇਵ ਸਿੰਘ, ਸ. ਬਲਦੇਵ ਸਿੰਘ, ਸ. ਹਰਦੇਵ ਸਿੰਘ, ਸ. ਨਿਰਮਲ ਸਿੰਘ, ਸ. ਤਰਲੋਕ ਸਿੰਘ, ਸ. ਜਗਜੀਤ ਸਿੰਘ, ਸ. ਸਤਨਾਮ ਸਿੰਘ, ਸ. ਗੁਰਨਾਮ ਸਿੰਘ, ਸ. ਕਰਨੈਲ ਸਿੰਘ, ਸ. ਜੋਗਿੰਦਰ ਸਿੰਘ, ਸ. ਮੋਹਨ ਸਿੰਘ, ਸ. ਸੋਹਣ ਸਿੰਘ, ਬੀਬੀ ਜਸਪਾਲ ਕੌਰ, ਬੀਬੀ ਹਰਪ੍ਰੀਤ ਕੌਰ, ਬੀਬੀ ਗੁਰਿੰਦਰ ਕੌਰ, ਸ. ਅਵਤਾਰ ਸਿੰਘ, ਸ. ਭੁਪਿੰਦਰ ਸਿੰਘ, ਸ. ਚਰਨਜੀਤ ਸਿੰਘ, ਸ. ਕੁਲਵੰਤ ਸਿੰਘ ਅਤੇ ਹੋਰ ਮੈਂਬਰ ਸ਼ਾਮਲ ਸਨ।
ਜਗਤਾਰ ਸਿੰਘ ਤਲਵੰਡੀ, ਭਾਈ ਗੁਰਚਰਨ ਸਿੰਘ ਗਰੇਵਾਲ, ਸ. ਕੰਵਰ ਸਿੰਘ ਧਾਮੀ, ਸ. ਬਲਵਿੰਦਰ ਸਿੰਘ ਬੈਂਸ, ਸ. ਰਣਜੀਤ ਸਿੰਘ ਸੋਢੀ, ਸ. ਸਰਬਜੀਤ ਸਿੰਘ ਘੁਮਾਣ, ਬੀਬੀ ਹਰਜਿੰਦਰ ਕੌਰ, ਸ. ਗੁਰਮੀਤ ਸਿੰਘ ਬੂਹ, ਬੀਬੀ ਰਵਿੰਦਰ ਕੌਰ ਅਜਰਾਣਾ, ਸ. ਹਰਦੇਵ ਸਿੰਘ ਰੋਗਲਾ, ਸ. ਸਤਵਿੰਦਰ ਸਿੰਘ ਟੌਹੜਾ, ਸ. ਅਮਰੀਕ ਸਿੰਘ ਵਿਛੋਆ, ਸ. ਸੁਰਜੀਤ ਸਿੰਘ ਤੁਗਲਵਾਲ, ਸ. ਜਸਮੇਲ ਸਿੰਘ ਲਾਛੜੂ, ਸ. ਪਰਮਜੀਤ ਸਿੰਘ ਖਾਲਸਾ, ਸ. ਬਲਵਿੰਦਰ ਸਿੰਘ ਵੇਈਂਪੂਈਂ, ਸ. ਗੁਰਬਖਸ਼ ਸਿੰਘ ਖਾਲਸਾ ਅਤੇ ਹੋਰ ਸ਼ਖ਼ਸੀਅਤਾਂ ਹਾਜ਼ਰ ਸਨ।
ਸੌਦਾ ਸਾਧ ਨੂੰ ਫਿਰ ਮਿਲੀ...
ਆਸ਼ਰਮ ਵਿੱਚ ਰਿਹਾ ਸੀ। ਡੇਰਾ ਮੁਖੀ ਨੂੰ 2017 ਵਿੱਚ ਦੋ ਸਾਧਵੀਆਂ ਨਾਲ ਜਬਰ ਜਨਾਹ ਦੇ ਮਾਮਲੇ ਵਿੱਚ 20 ਸਾਲ ਦੀ ਸਜ਼ਾ ਸੁਣਾਈ ਗਈ ਸੀ। ਇਸ ਤੋਂ ਇਲਾਵਾ ਪੱਤਰਕਾਰ ਰਾਮ ਚੰਦਰ ਛਤਰਪਤੀ ਦੇ ਕਤਲ ਕੇਸ ਵਿੱਚ ਵੀ ਉਸ ਨੂੰ ਉਮਰ ਕੈਦ ਦੀ ਸਜ਼ਾ ਹੋਈ ਸੀ। ਸਜ਼ਾ ਹੋਣ ਤੋਂ ਬਾਅਦ ਇਹ ਉਸ ਦੀ 14ਵੀਂ ਵਾਰ ਰਿਹਾਈ ਹੈ। ਜਾਣਕਾਰੀ ਅਨੁਸਾਰ ਉਹ 40 ਦਿਨ ਦੀ ਪੈਰੋਲ 'ਤੇ ਬਾਹਰ ਆਇਆ ਹੈ ਅਤੇ ਸਿਰਸਾ ਡੇਰੇ ਵਿੱਚ ਰਹੇਗਾ। ਉਸ ਦੇ ਸਮਰਥਕਾਂ ਨੇ ਇਸ ਮੌਕੇ ਖੁਸ਼ੀ ਮਨਾਈ ਜਦਕਿ ਸਿੱਖ ਜਥੇਬੰਦੀਆਂ ਨੇ ਇਸ ਦਾ ਸਖ਼ਤ ਵਿਰੋਧ ਕੀਤਾ ਹੈ। ਉਨ੍ਹਾਂ ਕਿਹਾ ਕਿ ਗੰਭੀਰ ਅਪਰਾਧਾਂ ਵਿੱਚ ਸਜ਼ਾ ਕੱਟ ਰਹੇ ਵਿਅਕਤੀ ਨੂੰ ਵਾਰ-ਵਾਰ ਪੈਰੋਲ ਦੇਣਾ ਨਿਆਂ ਪ੍ਰਣਾਲੀ ਦਾ ਮਜ਼ਾਕ ਹੈ। ਜਦਕਿ ਦੂਜੇ ਪਾਸੇ ਬੰਦੀ ਸਿੰਘ ਤਿੰਨ-ਤਿੰਨ ਦਹਾਕਿਆਂ ਤੋਂ ਜੇਲ੍ਹਾਂ ਵਿੱਚ ਬੰਦ ਹਨ ਅਤੇ ਉਨ੍ਹਾਂ ਨੂੰ ਕੋਈ ਰਾਹਤ ਨਹੀਂ ਦਿੱਤੀ ਜਾ ਰਹੀ। ਉਨ੍ਹਾਂ ਕਿਹਾ ਕਿ ਇਹ ਦੋਹਰੇ ਮਾਪਦੰਡ ਹਨ ਜੋ ਲੋਕਤੰਤਰ ਲਈ ਖ਼ਤਰਨਾਕ ਹਨ।
ਸਰਕਾਰਾਂ ਰਾਮ ਰਹੀਮ ਨੂੰ ਪੈਰੋਲ ...
ਦੀ ਗੱਲ ਕਿਸੇ ਤੋਂ ਲੁਕੀ ਨਹੀਂ ਹੈ ਕਿ ਸਿਆਸੀ ਪਾਰਟੀਆਂ ਚੋਣਾਂ ਸਮੇਂ ਡੇਰੇ ਦੀ ਹਮਾਇਤ ਲੈਣ ਲਈ ਹਰ ਹੀਲਾ ਵਰਤਦੀਆਂ ਹਨ। ਇਸ ਕਰਕੇ ਹੀ ਸਰਕਾਰਾਂ ਵਾਰ-ਵਾਰ ਪੈਰੋਲ ਦੇ ਰਹੀਆਂ ਹਨ।
ਸੌਦਾ ਸਾਧ ਨੂੰ ਵਾਰ ਵਾਰ ਪੈਰੋਲ ਦੇਣਾ ...
ਰਹੀਮ ਨੂੰ 40 ਦਿਨ ਦੀ ਪੈਰੋਲ ਦੇਣਾ ਸਿੱਖ ਕੌਮ ਦੇ ਜ਼ਖ਼ਮਾਂ 'ਤੇ ਲੂਣ ਛਿੜਕਣ ਬਰਾਬਰ ਹੈ। ਉਨ੍ਹਾਂ ਕਿਹਾ ਕਿ ਬੇਅਦਬੀ ਮਾਮਲਿਆਂ ਵਿੱਚ ਦੋਸ਼ੀ ਡੇਰਾ ਮੁਖੀ ਨੂੰ ਸਰਕਾਰ ਦੀ ਸਰਪ੍ਰਸਤੀ ਹਾਸਲ ਹੈ। ਸਿੱਖ ਸੰਗਤਾਂ ਵਿੱਚ ਇਸ ਫੈਸਲੇ ਨੂੰ ਲੈ ਕੇ ਭਾਰੀ ਰੋਸ ਹੈ।
ਸੌਦਾ ਸਾਧ ਨੂੰ ਪੈਰੋਲ ਦੇ ਕੇ ਕਾਤਲਾਂ, ...
ਦੀ ਦੇ ਵਿਰੋਧ ਦੇ ਬਾਵਜੂਦ ਸਰਕਾਰ ਵੱਲੋਂ ਡੇਰਾ ਮੁਖੀ ਨੂੰ ਪੈਰੋਲ ਦੇਣ ਨਾਲ ਇਹ ਸਾਬਤ ਹੁੰਦਾ ਹੈ ਕਿ ਸਰਕਾਰਾਂ ਨੂੰ ਸਿੱਖ ਭਾਵਨਾਵਾਂ ਦੀ ਕੋਈ ਪਰਵਾਹ ਨਹੀਂ। ਉਨ੍ਹਾਂ ਕਿਹਾ ਕਿ ਕਾਤਲਾਂ ਅਤੇ ਬਲਾਤਕਾਰੀਆਂ ਨੂੰ ਰਾਹਤ ਦੇਣਾ ਸਮਾਜ ਵਿੱਚ ਗਲਤ ਸੁਨੇਹਾ ਦਿੰਦਾ ਹੈ।
ਅਕਾਲ ਤਖ਼ਤ ਸਾਹਿਬ ਅਤੇ ...
ਮਾਮਲੇ ਵਿੱਚ ਸ੍ਰੀ ਅਕਾਲ ਤਖ਼ਤ ਸਾਹਿਬ ਦੇ ਜਥੇਦਾਰ ਨੇ ਕਿਹਾ ਕਿ ਪੰਥ ਦੇ ਦੋਖੀਆਂ ਨੂੰ ਸਰਕਾਰੀ ਸਰਪ੍ਰਸਤੀ ਦੇਣਾ ਨਿੰਦਣਯੋਗ ਹੈ। ਉਨ੍ਹਾਂ ਨੇ ਸਿੱਖ ਸੰਗਤਾਂ ਨੂੰ ਅਪੀਲ ਕੀਤੀ ਕਿ ਉਹ ਸ਼ਾਂਤਮਈ ਢੰਗ ਨਾਲ ਆਪਣਾ ਰੋਸ ਪ੍ਰਗਟ ਕਰਨ ਅਤੇ ਪੰਥਕ ਏਕਤਾ ਬਣਾਈ ਰੱਖਣ।
ਸਫ਼ਾ 3 ਦੀ ਬਾਕੀ ...
ਕੌਮੀ ਇਨਸਾਫ ਮੋਰਚੇ ...
ਸਿੰਘ ਚਿੱਠੀ, ਜਸਵੰਤ ਸਿੰਘ ਪੁਲਿਸ ਅਤੇ ਜਥੇਦਾਰ ਬਲਦੇਵ ਸਿੰਘ ਵਡਾਲਾ ਨੇ ਕਿਹਾ ਕਿ ਮੋਰਚਾ ਬੰਦੀ ਸਿੰਘਾਂ ਦੀ ਰਿਹਾਈ ਤੱਕ ਜਾਰੀ ਰਹੇਗਾ। ਇਸ ਮੌਕੇ ਭਾਈ ਗੁਰਚਰਨ ਸਿੰਘ, ਭਾਈ ਪਾਲ ਸਿੰਘ ਫਰਾਂਸ ਅਤੇ ਹੋਰ ਆਗੂ ਹਾਜ਼ਰ ਸਨ।
ਪੰਜਾਬ ਦੇ ਹਜ਼ਾਰਾਂ ...
ਨਾ ਹੋਇਆ ਤਾਂ ਉਨ੍ਹਾਂ ਨੂੰ ਮਜਬੂਰ ਹੋ ਕੇ ਤਿੱਖਾ ਸੰਘਰਸ਼ ਕਰਨਾ ਪਵੇਗਾ। ਉਨ੍ਹਾਂ ਕਿਹਾ ਕਿ ਕਿਸਾਨ, ਮਜ਼ਦੂਰ ਅਤੇ ਮੁਲਾਜ਼ਮ ਜਥੇਬੰਦੀਆਂ ਨੇ 12 ਅਗਸਤ 2025 ਨੂੰ ਵੱਡਾ ਇਕੱਠ ਕਰਨ ਦਾ ਫੈਸਲਾ ਕੀਤਾ ਹੈ ਜਿਸ ਵਿੱਚ ਪੰਜਾਬ ਦੇ ਹਜ਼ਾਰਾਂ ਲੋਕ ਸ਼ਾਮਲ ਹੋਣਗੇ। ਇਸ ਮੌਕੇ ਬਹੁਤ ਸਾਰੇ ਆਗੂ ਹਾਜ਼ਰ ਸਨ।
Editor, Printer and Publisher Rishabdeep Singh, Printed at: Impression Printing & Packaging (Ltd.) Plot No. 22 Phase-2 industrial Area Panchkula (Haryana) 134109 & Published From 3223, First Floor, Sector-35D, Chandigarh
